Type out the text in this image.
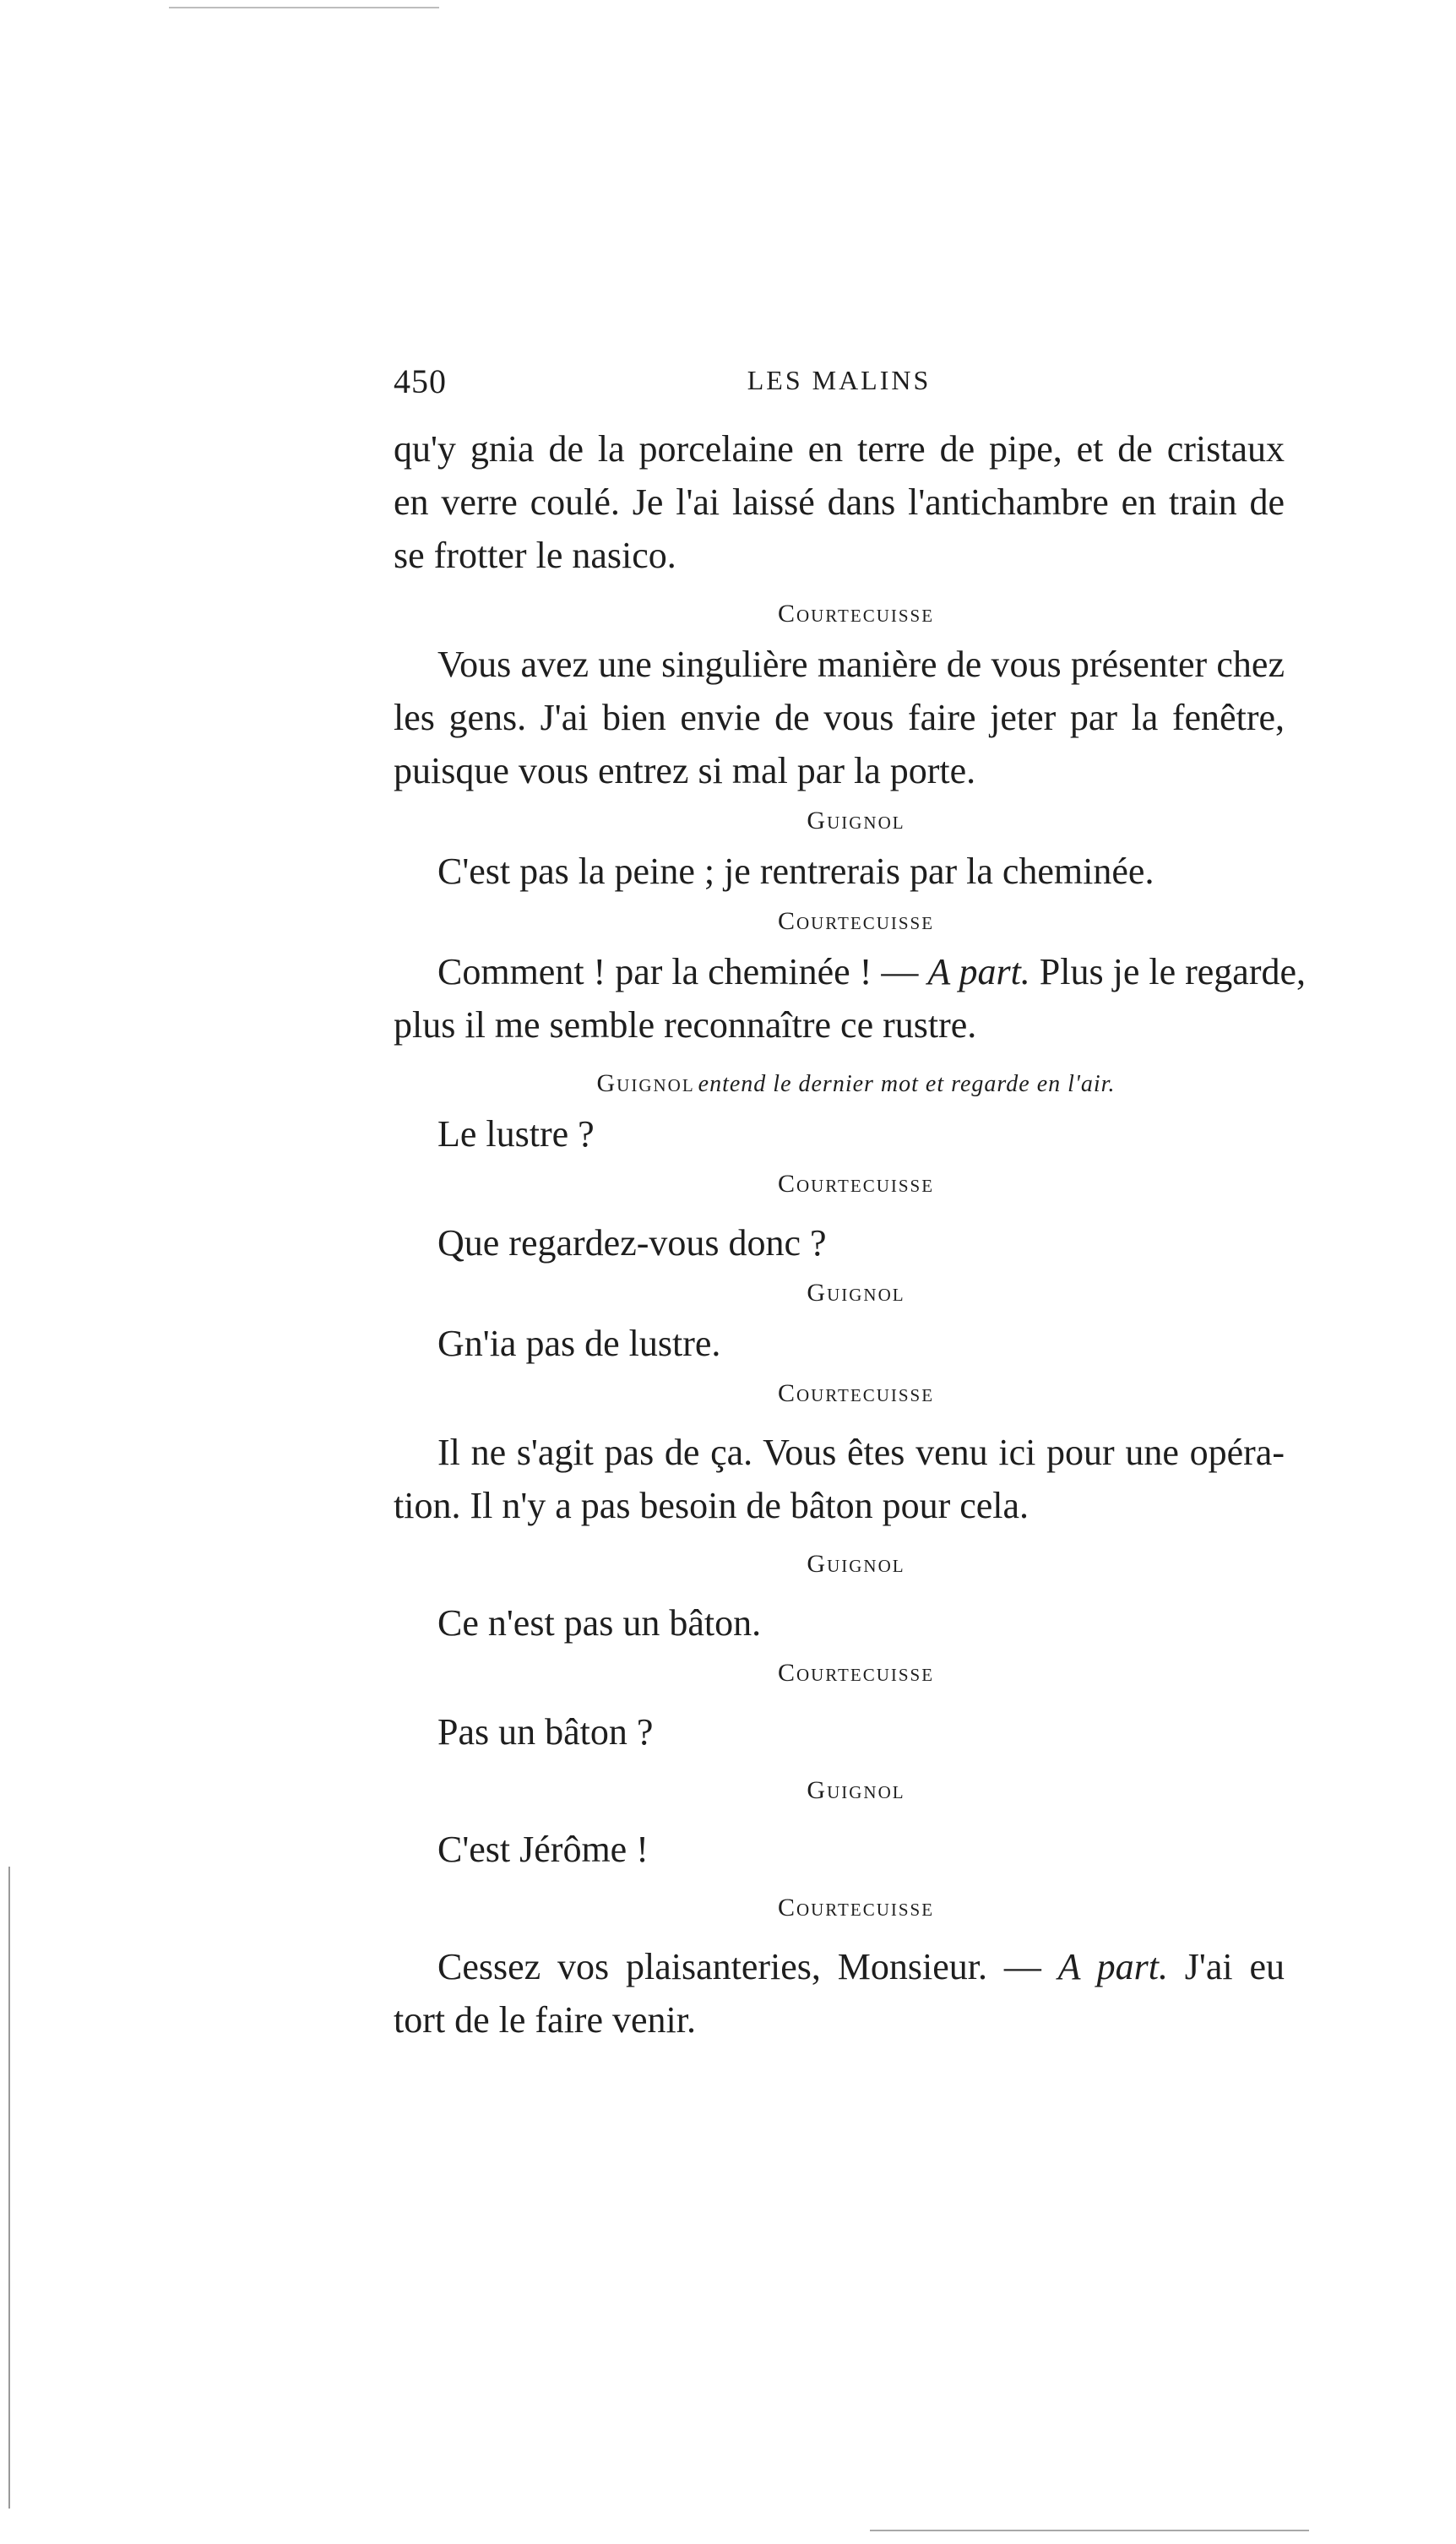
450	LES MALINS
qu'y gnia de la porcelaine en terre de pipe, et de cristaux
en verre coulé. Je l'ai laissé dans l'antichambre en train de
se frotter le nasico.
Courtecuisse
Vous avez une singulière manière de vous présenter chez
les gens. J'ai bien envie de vous faire jeter par la fenêtre,
puisque vous entrez si mal par la porte.
Guignol
C'est pas la peine ; je rentrerais par la cheminée.
Courtecuisse
Comment ! par la cheminée ! — A part. Plus je le regarde,
plus il me semble reconnaître ce rustre.
Guignol entend le dernier mot et regarde en l'air.
Le lustre ?
Courtecuisse
Que regardez-vous donc ?
Guignol
Gn'ia pas de lustre.
Courtecuisse
Il ne s'agit pas de ça. Vous êtes venu ici pour une opéra-
tion. Il n'y a pas besoin de bâton pour cela.
Guignol
Ce n'est pas un bâton.
Courtecuisse
Pas un bâton ?
Guignol
C'est Jérôme !
Courtecuisse
Cessez vos plaisanteries, Monsieur. — A part. J'ai eu
tort de le faire venir.
